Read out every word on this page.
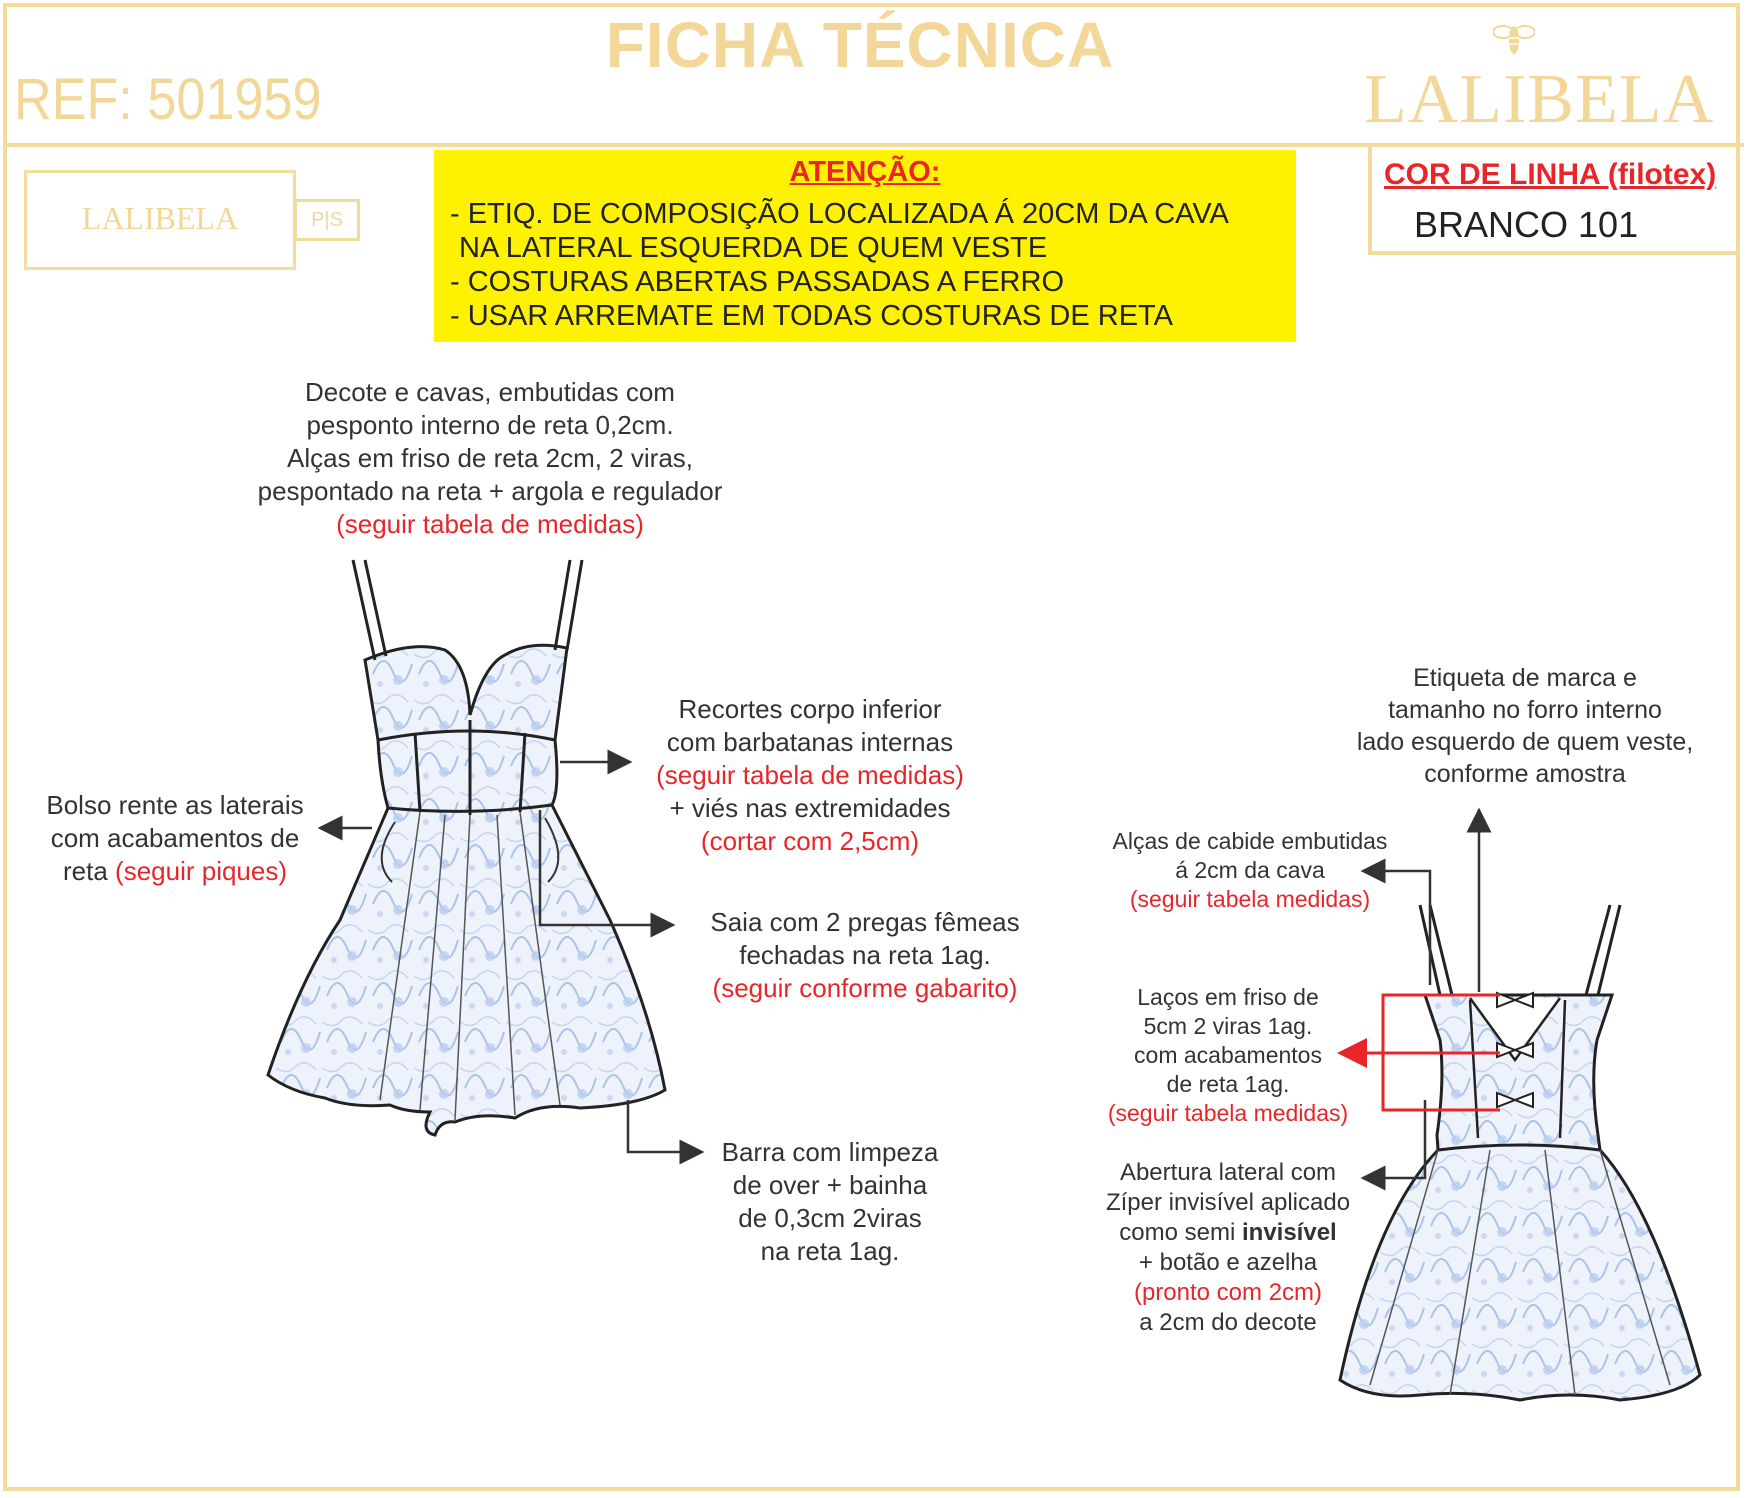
FICHA TÉCNICA
REF: 501959	LALIBELA
LALIBELA	P|S
ATENÇÃO:
- ETIQ. DE COMPOSIÇÃO LOCALIZADA Á 20CM DA CAVA
NA LATERAL ESQUERDA DE QUEM VESTE
- COSTURAS ABERTAS PASSADAS A FERRO
- USAR ARREMATE EM TODAS COSTURAS DE RETA
COR DE LINHA (filotex)
BRANCO 101
Decote e cavas, embutidas com
pesponto interno de reta 0,2cm.
Alças em friso de reta 2cm, 2 viras,
pespontado na reta + argola e regulador
(seguir tabela de medidas)
Recortes corpo inferior
com barbatanas internas
(seguir tabela de medidas)
+ viés nas extremidades
(cortar com 2,5cm)
Bolso rente as laterais
com acabamentos de
reta (seguir piques)
Saia com 2 pregas fêmeas
fechadas na reta 1ag.
(seguir conforme gabarito)
Barra com limpeza
de over + bainha
de 0,3cm 2viras
na reta 1ag.
Etiqueta de marca e
tamanho no forro interno
lado esquerdo de quem veste,
conforme amostra
Alças de cabide embutidas
á 2cm da cava
(seguir tabela medidas)
Laços em friso de
5cm 2 viras 1ag.
com acabamentos
de reta 1ag.
(seguir tabela medidas)
Abertura lateral com
Zíper invisível aplicado
como semi invisível
+ botão e azelha
(pronto com 2cm)
a 2cm do decote
